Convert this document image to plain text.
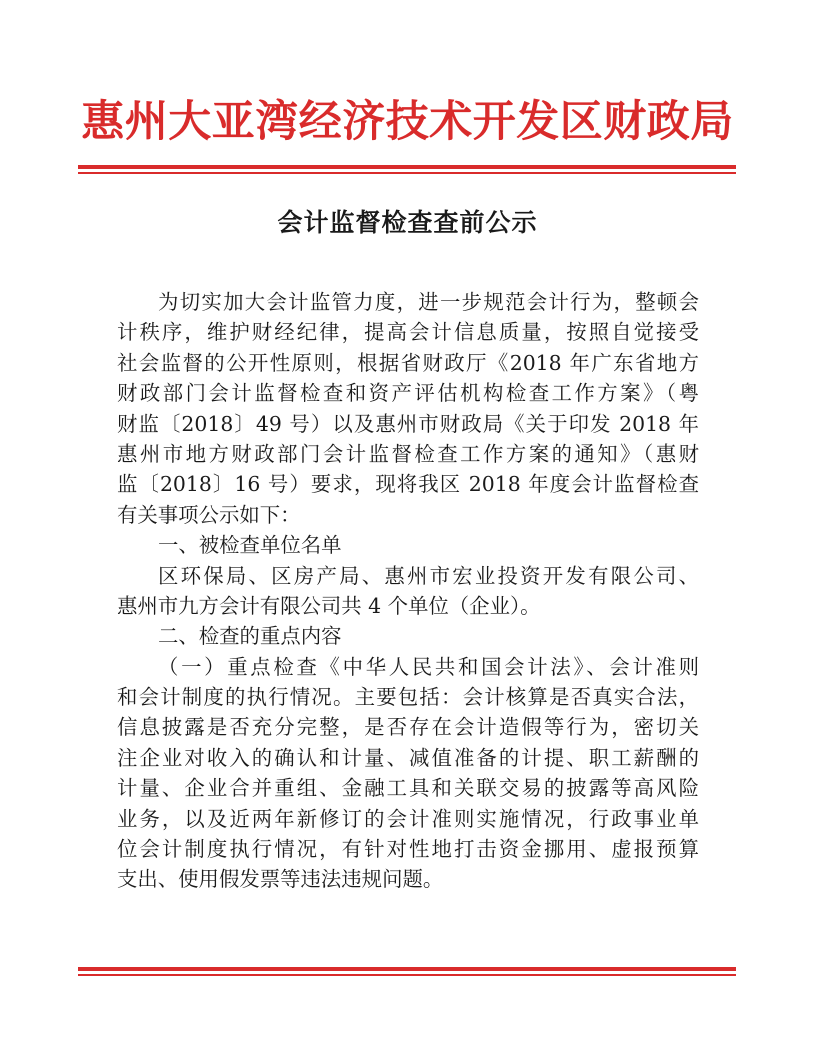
惠州大亚湾经济技术开发区财政局
会计监督检查查前公示
为切实加大会计监管力度，进一步规范会计行为，整顿会
计秩序，维护财经纪律，提高会计信息质量，按照自觉接受
社会监督的公开性原则，根据省财政厅《2018 年广东省地方
财政部门会计监督检查和资产评估机构检查工作方案》（粤
财监〔2018〕49 号）以及惠州市财政局《关于印发 2018 年
惠州市地方财政部门会计监督检查工作方案的通知》（惠财
监〔2018〕16 号）要求，现将我区 2018 年度会计监督检查
有关事项公示如下：
一、被检查单位名单
区环保局、区房产局、惠州市宏业投资开发有限公司、
惠州市九方会计有限公司共 4 个单位（企业）。
二、检查的重点内容
（一）重点检查《中华人民共和国会计法》、会计准则
和会计制度的执行情况。主要包括：会计核算是否真实合法，
信息披露是否充分完整，是否存在会计造假等行为，密切关
注企业对收入的确认和计量、减值准备的计提、职工薪酬的
计量、企业合并重组、金融工具和关联交易的披露等高风险
业务，以及近两年新修订的会计准则实施情况，行政事业单
位会计制度执行情况，有针对性地打击资金挪用、虚报预算
支出、使用假发票等违法违规问题。
